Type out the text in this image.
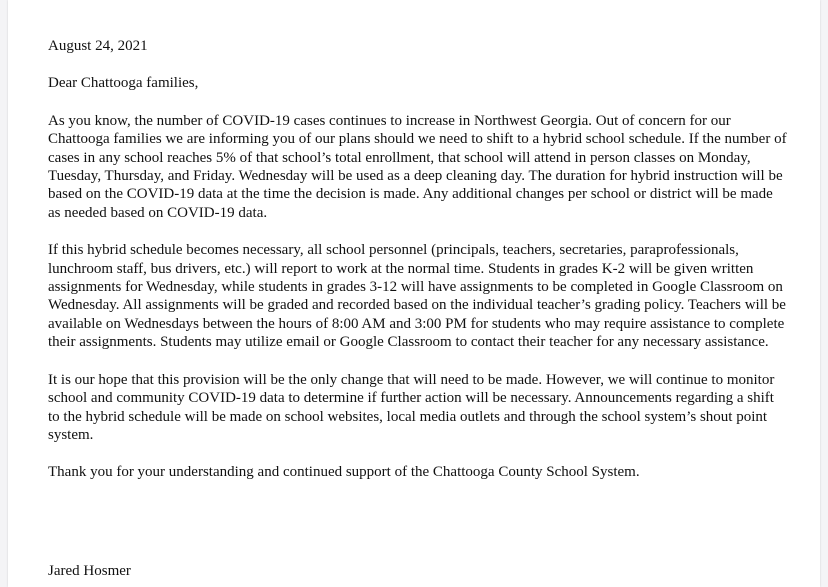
August 24, 2021

Dear Chattooga families,

As you know, the number of COVID-19 cases continues to increase in Northwest Georgia. Out of concern for our Chattooga families we are informing you of our plans should we need to shift to a hybrid school schedule. If the number of cases in any school reaches 5% of that school’s total enrollment, that school will attend in person classes on Monday, Tuesday, Thursday, and Friday. Wednesday will be used as a deep cleaning day. The duration for hybrid instruction will be based on the COVID-19 data at the time the decision is made. Any additional changes per school or district will be made as needed based on COVID-19 data.

If this hybrid schedule becomes necessary, all school personnel (principals, teachers, secretaries, paraprofessionals, lunchroom staff, bus drivers, etc.) will report to work at the normal time. Students in grades K-2 will be given written assignments for Wednesday, while students in grades 3-12 will have assignments to be completed in Google Classroom on Wednesday. All assignments will be graded and recorded based on the individual teacher’s grading policy. Teachers will be available on Wednesdays between the hours of 8:00 AM and 3:00 PM for students who may require assistance to complete their assignments. Students may utilize email or Google Classroom to contact their teacher for any necessary assistance.

It is our hope that this provision will be the only change that will need to be made. However, we will continue to monitor school and community COVID-19 data to determine if further action will be necessary. Announcements regarding a shift to the hybrid schedule will be made on school websites, local media outlets and through the school system’s shout point system.

Thank you for your understanding and continued support of the Chattooga County School System.

Jared Hosmer
